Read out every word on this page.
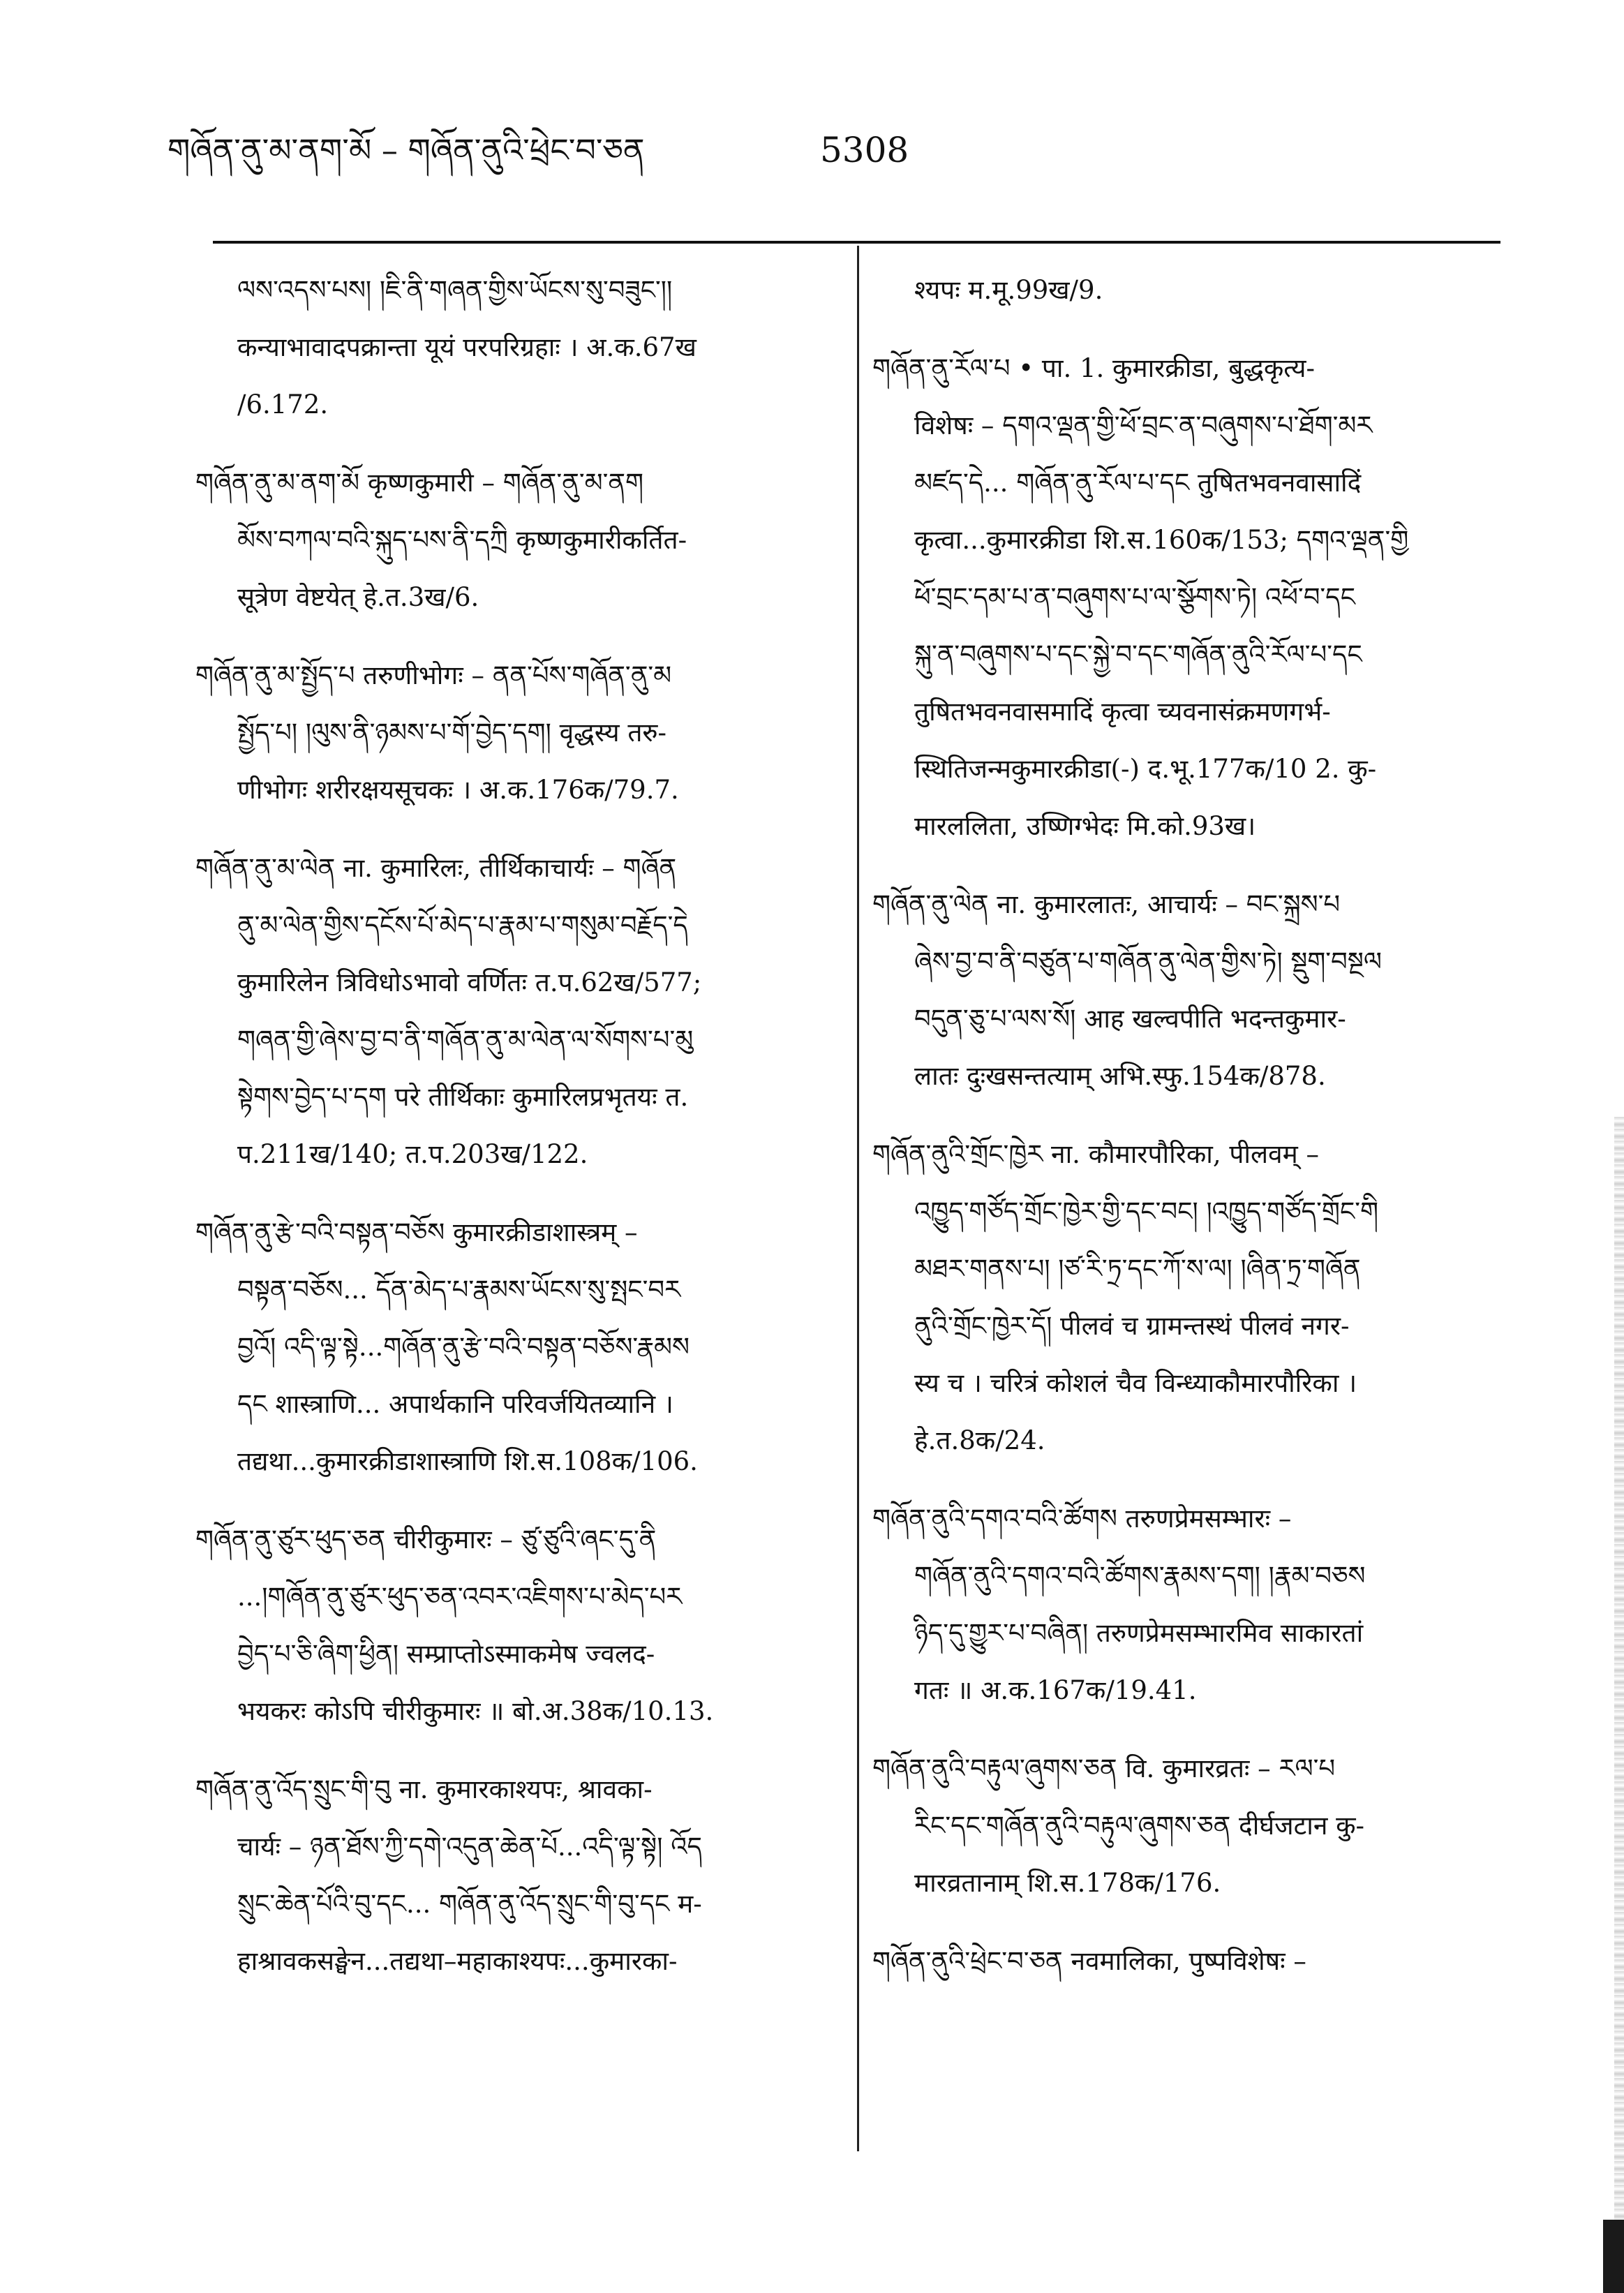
གཞོན་ནུ་མ་ནག་མོ – གཞོན་ནུའི་ཕྲེང་བ་ཅན	5308
ལས་འདས་པས། །ཇི་ནི་གཞན་གྱིས་ཡོངས་སུ་བཟུང་།།
कन्याभावादपक्रान्ता यूयं परपरिग्रहाः । अ.क.67ख
/6.172.
གཞོན་ནུ་མ་ནག་མོ कृष्णकुमारी – གཞོན་ནུ་མ་ནག
མོས་བཀལ་བའི་སྐུད་པས་ནི་དཀྲི कृष्णकुमारीकर्तित-
सूत्रेण वेष्टयेत् हे.त.3ख/6.
གཞོན་ནུ་མ་སྤྱོད་པ तरुणीभोगः – ནན་པོས་གཞོན་ནུ་མ
སྤྱོད་པ། །ལུས་ནི་ཉམས་པ་གོ་བྱེད་དག། वृद्धस्य तरु-
णीभोगः शरीरक्षयसूचकः । अ.क.176क/79.7.
གཞོན་ནུ་མ་ལེན ना. कुमारिलः, तीर्थिकाचार्यः – གཞོན
ནུ་མ་ལེན་གྱིས་དངོས་པོ་མེད་པ་རྣམ་པ་གསུམ་བརྗོད་དེ
कुमारिलेन त्रिविधोऽभावो वर्णितः त.प.62ख/577;
གཞན་གྱི་ཞེས་བྱ་བ་ནི་གཞོན་ནུ་མ་ལེན་ལ་སོགས་པ་མུ
སྟེགས་བྱེད་པ་དག परे तीर्थिकाः कुमारिलप्रभृतयः त.
प.211ख/140; त.प.203ख/122.
གཞོན་ནུ་རྩེ་བའི་བསྟན་བཅོས कुमारक्रीडाशास्त्रम् –
བསྟན་བཅོས... དོན་མེད་པ་རྣམས་ཡོངས་སུ་སྤང་བར
བྱའོ། འདི་ལྟ་སྟེ...གཞོན་ནུ་རྩེ་བའི་བསྟན་བཅོས་རྣམས
དང शास्त्राणि... अपार्थकानि परिवर्जयितव्यानि ।
तद्यथा...कुमारक्रीडाशास्त्राणि शि.स.108क/106.
གཞོན་ནུ་ཙུར་ཕུད་ཅན चीरीकुमारः – ཙུ་ཙུའི་ཞང་དུ་ནི
...།གཞོན་ནུ་ཙུར་ཕུད་ཅན་འབར་འཇིགས་པ་མེད་པར
བྱེད་པ་ཅི་ཞིག་ཕྱིན། सम्प्राप्तोऽस्माकमेष ज्वलद-
भयकरः कोऽपि चीरीकुमारः ॥ बो.अ.38क/10.13.
གཞོན་ནུ་འོད་སྲུང་གི་བུ ना. कुमारकाश्यपः, श्रावका-
चार्यः – ཉན་ཐོས་ཀྱི་དགེ་འདུན་ཆེན་པོ...འདི་ལྟ་སྟེ། འོད
སྲུང་ཆེན་པོའི་བུ་དང... གཞོན་ནུ་འོད་སྲུང་གི་བུ་དང म-
हाश्रावकसङ्घेन...तद्यथा–महाकाश्यपः...कुमारका-
श्यपः म.मू.99ख/9.
གཞོན་ནུ་རོལ་པ • पा. 1. कुमारक्रीडा, बुद्धकृत्य-
विशेषः – དགའ་ལྡན་གྱི་ཕོ་བྲང་ན་བཞུགས་པ་ཐོག་མར
མཛད་དེ... གཞོན་ནུ་རོལ་པ་དང तुषितभवनवासादिं
कृत्वा...कुमारक्रीडा शि.स.160क/153; དགའ་ལྡན་གྱི
ཕོ་བྲང་དམ་པ་ན་བཞུགས་པ་ལ་སྩོགས་ཏེ། འཕོ་བ་དང
སྐུ་ན་བཞུགས་པ་དང་སྐྱེ་བ་དང་གཞོན་ནུའི་རོལ་པ་དང
तुषितभवनवासमादिं कृत्वा च्यवनासंक्रमणगर्भ-
स्थितिजन्मकुमारक्रीडा(-) द.भू.177क/10 2. कु-
मारललिता, उष्णिग्भेदः मि.को.93ख।
གཞོན་ནུ་ལེན ना. कुमारलातः, आचार्यः – བང་སྐྲས་པ
ཞེས་བྱ་བ་ནི་བཙུན་པ་གཞོན་ནུ་ལེན་གྱིས་ཏེ། སྡུག་བསྔལ
བདུན་ཅུ་པ་ལས་སོ། आह खल्वपीति भदन्तकुमार-
लातः दुःखसन्तत्याम् अभि.स्फु.154क/878.
གཞོན་ནུའི་གྲོང་ཁྱེར ना. कौमारपौरिका, पीलवम् –
འཁྱུད་གཙོད་གྲོང་ཁྱེར་གྱི་དང་བང། །འཁྱུད་གཙོད་གྲོང་གི
མཐར་གནས་པ། །ཙ་རི་ཏྲ་དང་ཀོ་ས་ལ། །ཞིན་ཏྲ་གཞོན
ནུའི་གྲོང་ཁྱེར་དོ། पीलवं च ग्रामन्तस्थं पीलवं नगर-
स्य च । चरित्रं कोशलं चैव विन्ध्याकौमारपौरिका ।
हे.त.8क/24.
གཞོན་ནུའི་དགའ་བའི་ཚོགས तरुणप्रेमसम्भारः –
གཞོན་ནུའི་དགའ་བའི་ཚོགས་རྣམས་དག། །རྣམ་བཅས
ཉིད་དུ་གྱུར་པ་བཞིན། तरुणप्रेमसम्भारमिव साकारतां
गतः ॥ अ.क.167क/19.41.
གཞོན་ནུའི་བརྟུལ་ཞུགས་ཅན वि. कुमारव्रतः – རལ་པ
རིང་དང་གཞོན་ནུའི་བརྟུལ་ཞུགས་ཅན दीर्घजटान कु-
मारव्रतानाम् शि.स.178क/176.
གཞོན་ནུའི་ཕྲེང་བ་ཅན नवमालिका, पुष्पविशेषः –
